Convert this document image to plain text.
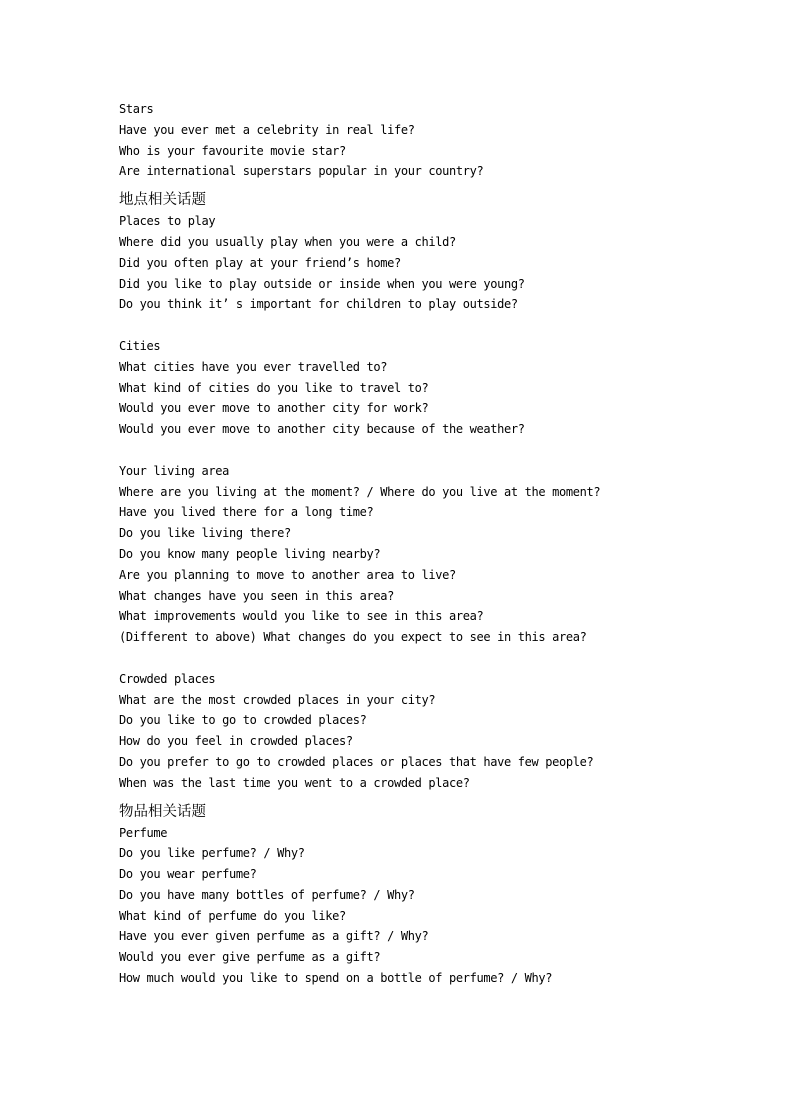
Stars
Have you ever met a celebrity in real life?
Who is your favourite movie star?
Are international superstars popular in your country?
地点相关话题
Places to play
Where did you usually play when you were a child?
Did you often play at your friend’s home?
Did you like to play outside or inside when you were young?
Do you think it’ s important for children to play outside?
Cities
What cities have you ever travelled to?
What kind of cities do you like to travel to?
Would you ever move to another city for work?
Would you ever move to another city because of the weather?
Your living area
Where are you living at the moment? / Where do you live at the moment?
Have you lived there for a long time?
Do you like living there?
Do you know many people living nearby?
Are you planning to move to another area to live?
What changes have you seen in this area?
What improvements would you like to see in this area?
(Different to above) What changes do you expect to see in this area?
Crowded places
What are the most crowded places in your city?
Do you like to go to crowded places?
How do you feel in crowded places?
Do you prefer to go to crowded places or places that have few people?
When was the last time you went to a crowded place?
物品相关话题
Perfume
Do you like perfume? / Why?
Do you wear perfume?
Do you have many bottles of perfume? / Why?
What kind of perfume do you like?
Have you ever given perfume as a gift? / Why?
Would you ever give perfume as a gift?
How much would you like to spend on a bottle of perfume? / Why?
